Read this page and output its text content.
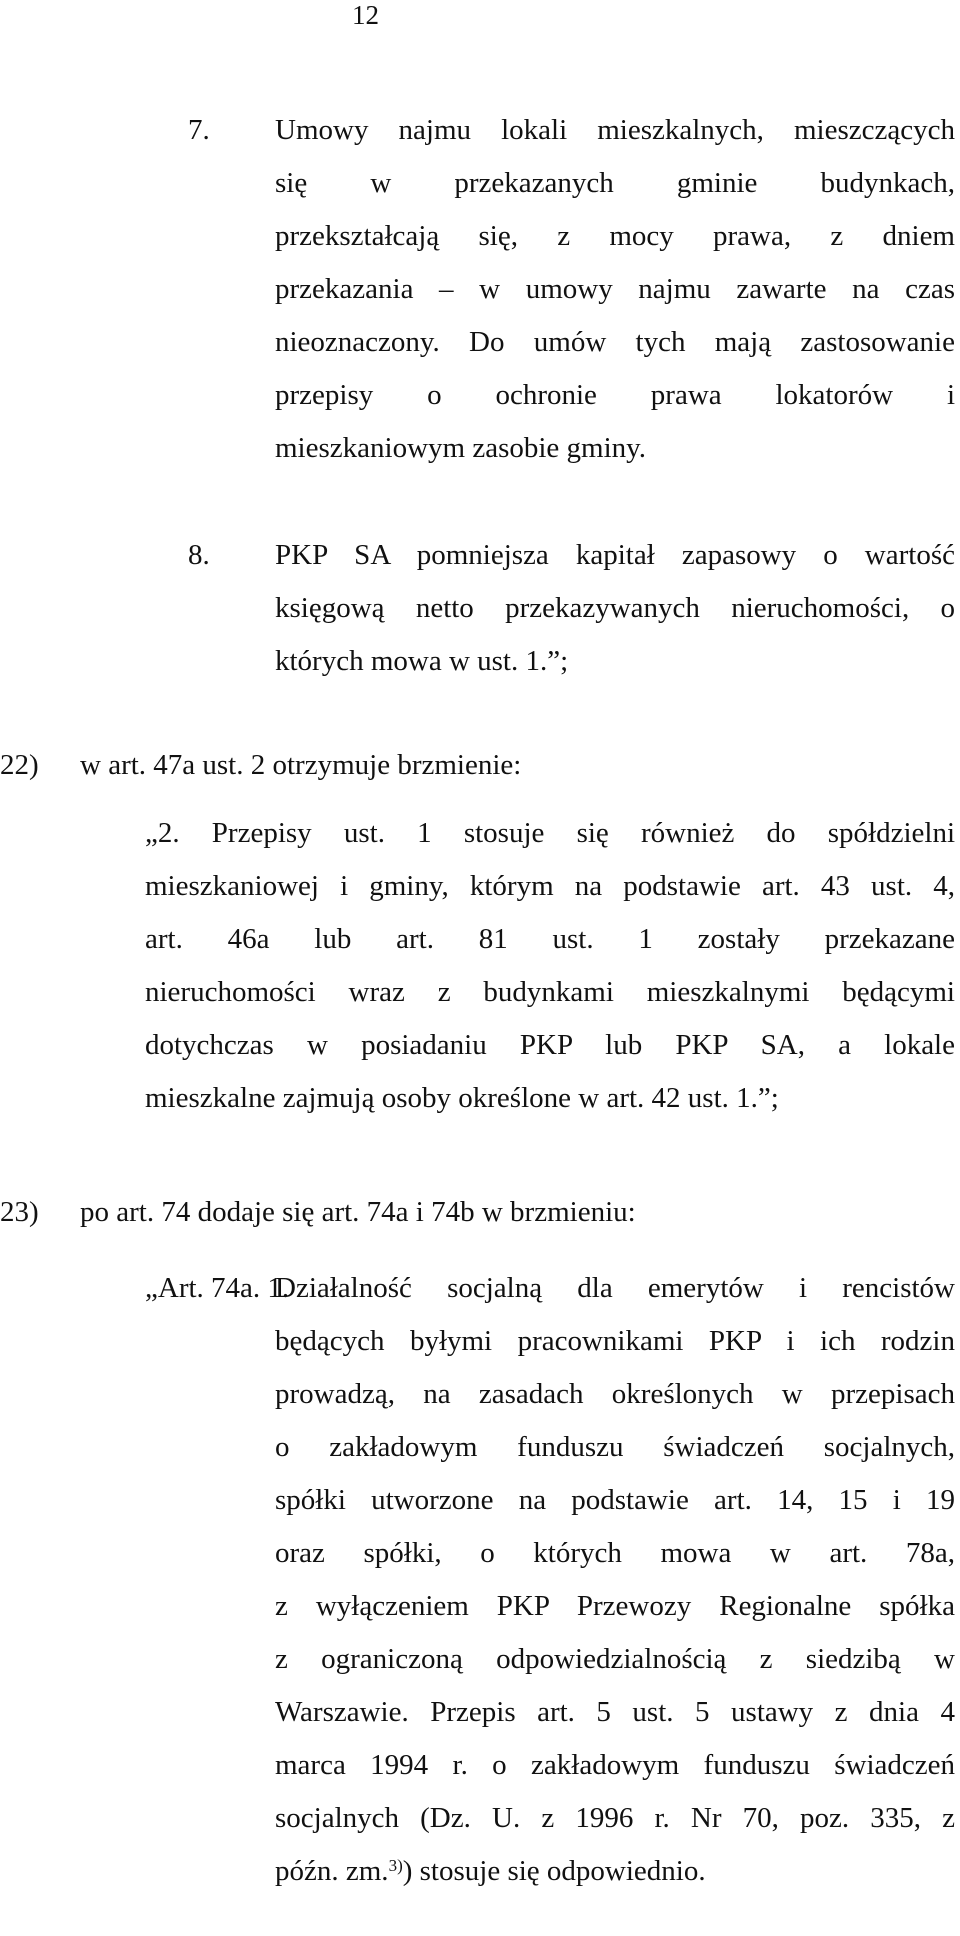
12
7. Umowy najmu lokali mieszkalnych, mieszczących
się w przekazanych gminie budynkach,
przekształcają się, z mocy prawa, z dniem
przekazania – w umowy najmu zawarte na czas
nieoznaczony. Do umów tych mają zastosowanie
przepisy o ochronie prawa lokatorów i
mieszkaniowym zasobie gminy.
8. PKP SA pomniejsza kapitał zapasowy o wartość
księgową netto przekazywanych nieruchomości, o
których mowa w ust. 1.”;
22) w art. 47a ust. 2 otrzymuje brzmienie:
„2. Przepisy ust. 1 stosuje się również do spółdzielni
mieszkaniowej i gminy, którym na podstawie art. 43 ust. 4,
art. 46a lub art. 81 ust. 1 zostały przekazane
nieruchomości wraz z budynkami mieszkalnymi będącymi
dotychczas w posiadaniu PKP lub PKP SA, a lokale
mieszkalne zajmują osoby określone w art. 42 ust. 1.”;
23) po art. 74 dodaje się art. 74a i 74b w brzmieniu:
„Art. 74a. 1.
Działalność socjalną dla emerytów i rencistów
będących byłymi pracownikami PKP i ich rodzin
prowadzą, na zasadach określonych w przepisach
o zakładowym funduszu świadczeń socjalnych,
spółki utworzone na podstawie art. 14, 15 i 19
oraz spółki, o których mowa w art. 78a,
z wyłączeniem PKP Przewozy Regionalne spółka
z ograniczoną odpowiedzialnością z siedzibą w
Warszawie. Przepis art. 5 ust. 5 ustawy z dnia 4
marca 1994 r. o zakładowym funduszu świadczeń
socjalnych (Dz. U. z 1996 r. Nr 70, poz. 335, z
późn. zm.$^{3)}$) stosuje się odpowiednio.
